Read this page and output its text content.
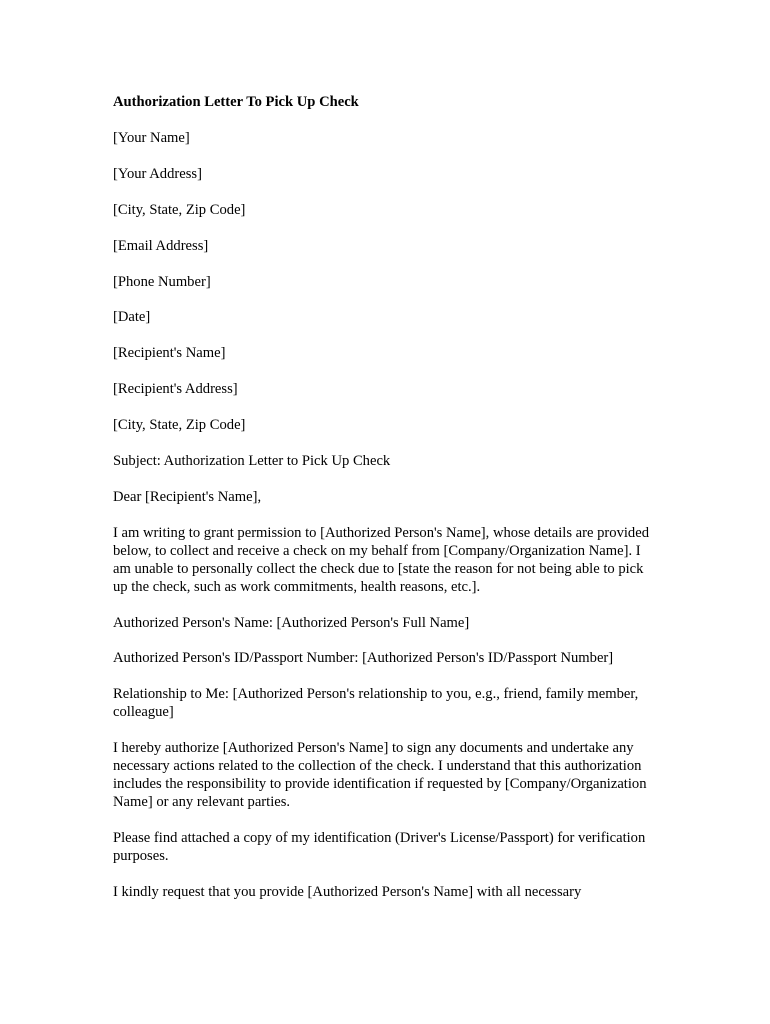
Authorization Letter To Pick Up Check
[Your Name]
[Your Address]
[City, State, Zip Code]
[Email Address]
[Phone Number]
[Date]
[Recipient's Name]
[Recipient's Address]
[City, State, Zip Code]
Subject: Authorization Letter to Pick Up Check
Dear [Recipient's Name],

I am writing to grant permission to [Authorized Person's Name], whose details are provided below, to collect and receive a check on my behalf from [Company/Organization Name]. I am unable to personally collect the check due to [state the reason for not being able to pick up the check, such as work commitments, health reasons, etc.].

Authorized Person's Name: [Authorized Person's Full Name]

Authorized Person's ID/Passport Number: [Authorized Person's ID/Passport Number]

Relationship to Me: [Authorized Person's relationship to you, e.g., friend, family member, colleague]

I hereby authorize [Authorized Person's Name] to sign any documents and undertake any necessary actions related to the collection of the check. I understand that this authorization includes the responsibility to provide identification if requested by [Company/Organization Name] or any relevant parties.

Please find attached a copy of my identification (Driver's License/Passport) for verification purposes.

I kindly request that you provide [Authorized Person's Name] with all necessary
